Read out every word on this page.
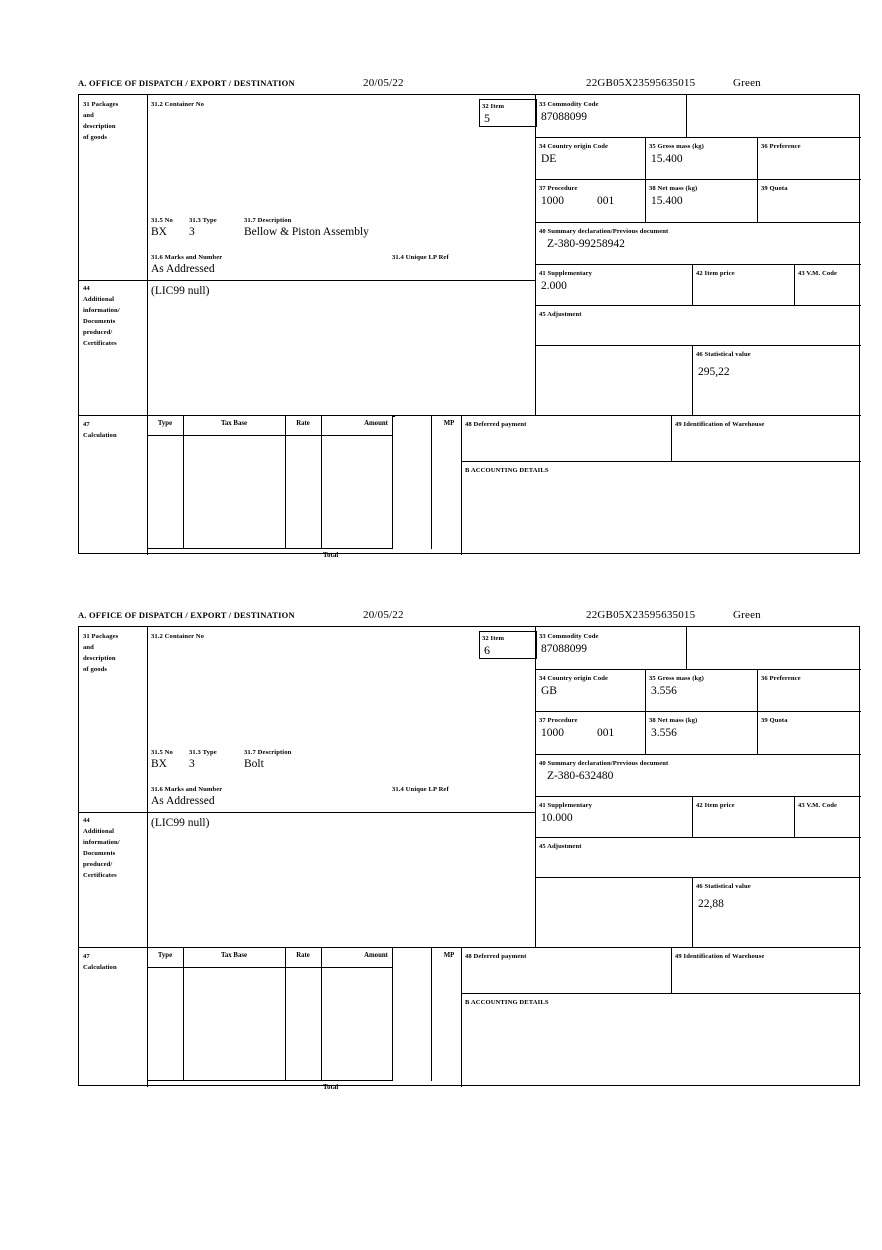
A. OFFICE OF DISPATCH / EXPORT / DESTINATION	20/05/22	22GB05X23595635015	Green
31 Packages
and
description
of goods
31.2 Container No	32 Item
5
31.5 No 31.3 Type	31.7 Description
BX 3	Bellow & Piston Assembly
31.6 Marks and Number	31.4 Unique LP Ref
As Addressed
44
Additional
information/
Documents
produced/
Certificates
(LIC99 null)
33 Commodity Code
87088099
34 Country origin Code
DE
35 Gross mass (kg)
15.400
36 Preference
37 Procedure
1000	001
38 Net mass (kg)
15.400
39 Quota
40 Summary declaration/Previous document
Z-380-99258942
41 Supplementary
2.000
42 Item price	43 V.M. Code
45 Adjustment
46 Statistical value
295,22
47
Calculation
Type	Tax Base	Rate	Amount	MP
Total
48 Deferred payment	49 Identification of Warehouse
B ACCOUNTING DETAILS
A. OFFICE OF DISPATCH / EXPORT / DESTINATION	20/05/22	22GB05X23595635015	Green
31 Packages
and
description
of goods
31.2 Container No	32 Item
6
31.5 No 31.3 Type	31.7 Description
BX 3	Bolt
31.6 Marks and Number	31.4 Unique LP Ref
As Addressed
44
Additional
information/
Documents
produced/
Certificates
(LIC99 null)
33 Commodity Code
87088099
34 Country origin Code
GB
35 Gross mass (kg)
3.556
36 Preference
37 Procedure
1000	001
38 Net mass (kg)
3.556
39 Quota
40 Summary declaration/Previous document
Z-380-632480
41 Supplementary
10.000
42 Item price	43 V.M. Code
45 Adjustment
46 Statistical value
22,88
47
Calculation
Type	Tax Base	Rate	Amount	MP
Total
48 Deferred payment	49 Identification of Warehouse
B ACCOUNTING DETAILS
